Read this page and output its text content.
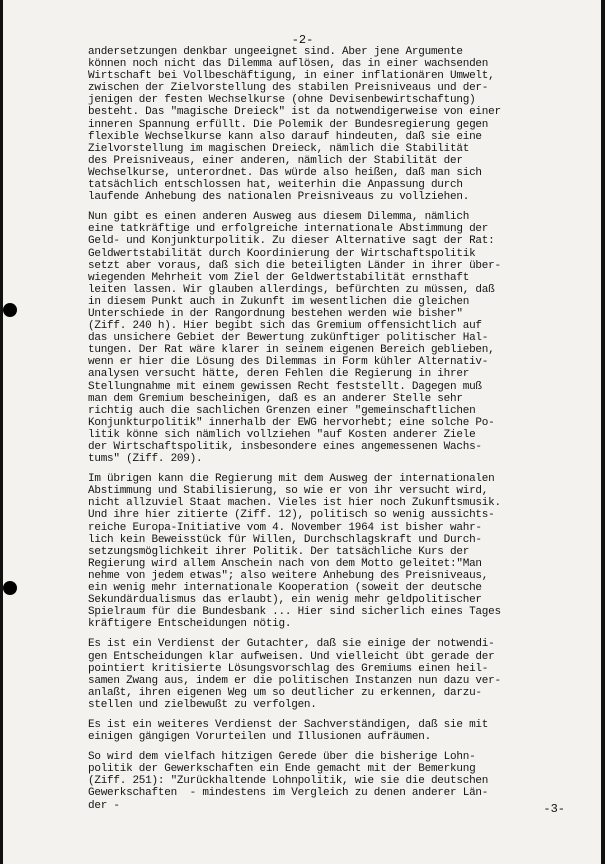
-2-
andersetzungen denkbar ungeeignet sind. Aber jene Argumente
können noch nicht das Dilemma auflösen, das in einer wachsenden
Wirtschaft bei Vollbeschäftigung, in einer inflationären Umwelt,
zwischen der Zielvorstellung des stabilen Preisniveaus und der-
jenigen der festen Wechselkurse (ohne Devisenbewirtschaftung)
besteht. Das "magische Dreieck" ist da notwendigerweise von einer
inneren Spannung erfüllt. Die Polemik der Bundesregierung gegen
flexible Wechselkurse kann also darauf hindeuten, daß sie eine
Zielvorstellung im magischen Dreieck, nämlich die Stabilität
des Preisniveaus, einer anderen, nämlich der Stabilität der
Wechselkurse, unterordnet. Das würde also heißen, daß man sich
tatsächlich entschlossen hat, weiterhin die Anpassung durch
laufende Anhebung des nationalen Preisniveaus zu vollziehen.
Nun gibt es einen anderen Ausweg aus diesem Dilemma, nämlich
eine tatkräftige und erfolgreiche internationale Abstimmung der
Geld- und Konjunkturpolitik. Zu dieser Alternative sagt der Rat:
Geldwertstabilität durch Koordinierung der Wirtschaftspolitik
setzt aber voraus, daß sich die beteiligten Länder in ihrer über-
wiegenden Mehrheit vom Ziel der Geldwertstabilität ernsthaft
leiten lassen. Wir glauben allerdings, befürchten zu müssen, daß
in diesem Punkt auch in Zukunft im wesentlichen die gleichen
Unterschiede in der Rangordnung bestehen werden wie bisher"
(Ziff. 240 h). Hier begibt sich das Gremium offensichtlich auf
das unsichere Gebiet der Bewertung zukünftiger politischer Hal-
tungen. Der Rat wäre klarer in seinem eigenen Bereich geblieben,
wenn er hier die Lösung des Dilemmas in Form kühler Alternativ-
analysen versucht hätte, deren Fehlen die Regierung in ihrer
Stellungnahme mit einem gewissen Recht feststellt. Dagegen muß
man dem Gremium bescheinigen, daß es an anderer Stelle sehr
richtig auch die sachlichen Grenzen einer "gemeinschaftlichen
Konjunkturpolitik" innerhalb der EWG hervorhebt; eine solche Po-
litik könne sich nämlich vollziehen "auf Kosten anderer Ziele
der Wirtschaftspolitik, insbesondere eines angemessenen Wachs-
tums" (Ziff. 209).
Im übrigen kann die Regierung mit dem Ausweg der internationalen
Abstimmung und Stabilisierung, so wie er von ihr versucht wird,
nicht allzuviel Staat machen. Vieles ist hier noch Zukunftsmusik.
Und ihre hier zitierte (Ziff. 12), politisch so wenig aussichts-
reiche Europa-Initiative vom 4. November 1964 ist bisher wahr-
lich kein Beweisstück für Willen, Durchschlagskraft und Durch-
setzungsmöglichkeit ihrer Politik. Der tatsächliche Kurs der
Regierung wird allem Anschein nach von dem Motto geleitet:"Man
nehme von jedem etwas"; also weitere Anhebung des Preisniveaus,
ein wenig mehr internationale Kooperation (soweit der deutsche
Sekundärdualismus das erlaubt), ein wenig mehr geldpolitischer
Spielraum für die Bundesbank ... Hier sind sicherlich eines Tages
kräftigere Entscheidungen nötig.
Es ist ein Verdienst der Gutachter, daß sie einige der notwendi-
gen Entscheidungen klar aufweisen. Und vielleicht übt gerade der
pointiert kritisierte Lösungsvorschlag des Gremiums einen heil-
samen Zwang aus, indem er die politischen Instanzen nun dazu ver-
anlaßt, ihren eigenen Weg um so deutlicher zu erkennen, darzu-
stellen und zielbewußt zu verfolgen.
Es ist ein weiteres Verdienst der Sachverständigen, daß sie mit
einigen gängigen Vorurteilen und Illusionen aufräumen.
So wird dem vielfach hitzigen Gerede über die bisherige Lohn-
politik der Gewerkschaften ein Ende gemacht mit der Bemerkung
(Ziff. 251): "Zurückhaltende Lohnpolitik, wie sie die deutschen
Gewerkschaften  - mindestens im Vergleich zu denen anderer Län-
der -	-3-
